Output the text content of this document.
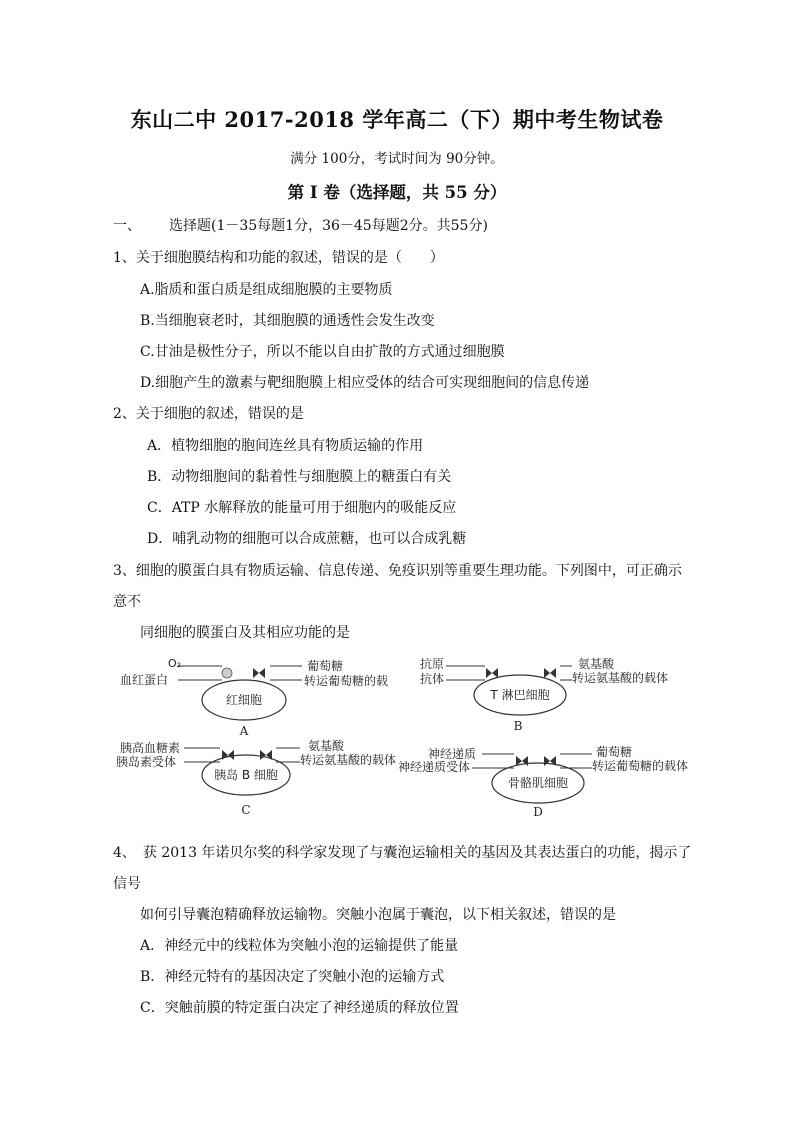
东山二中 2017-2018 学年高二（下）期中考生物试卷
满分 100分，考试时间为 90分钟。
第 I 卷（选择题，共 55 分）
一、 选择题(1－35每题1分，36－45每题2分。共55分)
1、关于细胞膜结构和功能的叙述，错误的是（　　）
A.脂质和蛋白质是组成细胞膜的主要物质
B.当细胞衰老时，其细胞膜的通透性会发生改变
C.甘油是极性分子，所以不能以自由扩散的方式通过细胞膜
D.细胞产生的激素与靶细胞膜上相应受体的结合可实现细胞间的信息传递
2、关于细胞的叙述，错误的是
A．植物细胞的胞间连丝具有物质运输的作用
B．动物细胞间的黏着性与细胞膜上的糖蛋白有关
C．ATP 水解释放的能量可用于细胞内的吸能反应
D．哺乳动物的细胞可以合成蔗糖，也可以合成乳糖
3、细胞的膜蛋白具有物质运输、信息传递、免疫识别等重要生理功能。下列图中，可正确示
意不
同细胞的膜蛋白及其相应功能的是
O₂
血红蛋白
葡萄糖
转运葡萄糖的载
红细胞
A
抗原
抗体
氨基酸
转运氨基酸的载体
T 淋巴细胞
B
胰高血糖素
胰岛素受体
氨基酸
转运氨基酸的载体
胰岛 B 细胞
C
神经递质
神经递质受体
葡萄糖
转运葡萄糖的载体
骨骼肌细胞
D
4、　获 2013 年诺贝尔奖的科学家发现了与囊泡运输相关的基因及其表达蛋白的功能，揭示了
信号
如何引导囊泡精确释放运输物。突触小泡属于囊泡，以下相关叙述，错误的是
A．神经元中的线粒体为突触小泡的运输提供了能量
B．神经元特有的基因决定了突触小泡的运输方式
C．突触前膜的特定蛋白决定了神经递质的释放位置
